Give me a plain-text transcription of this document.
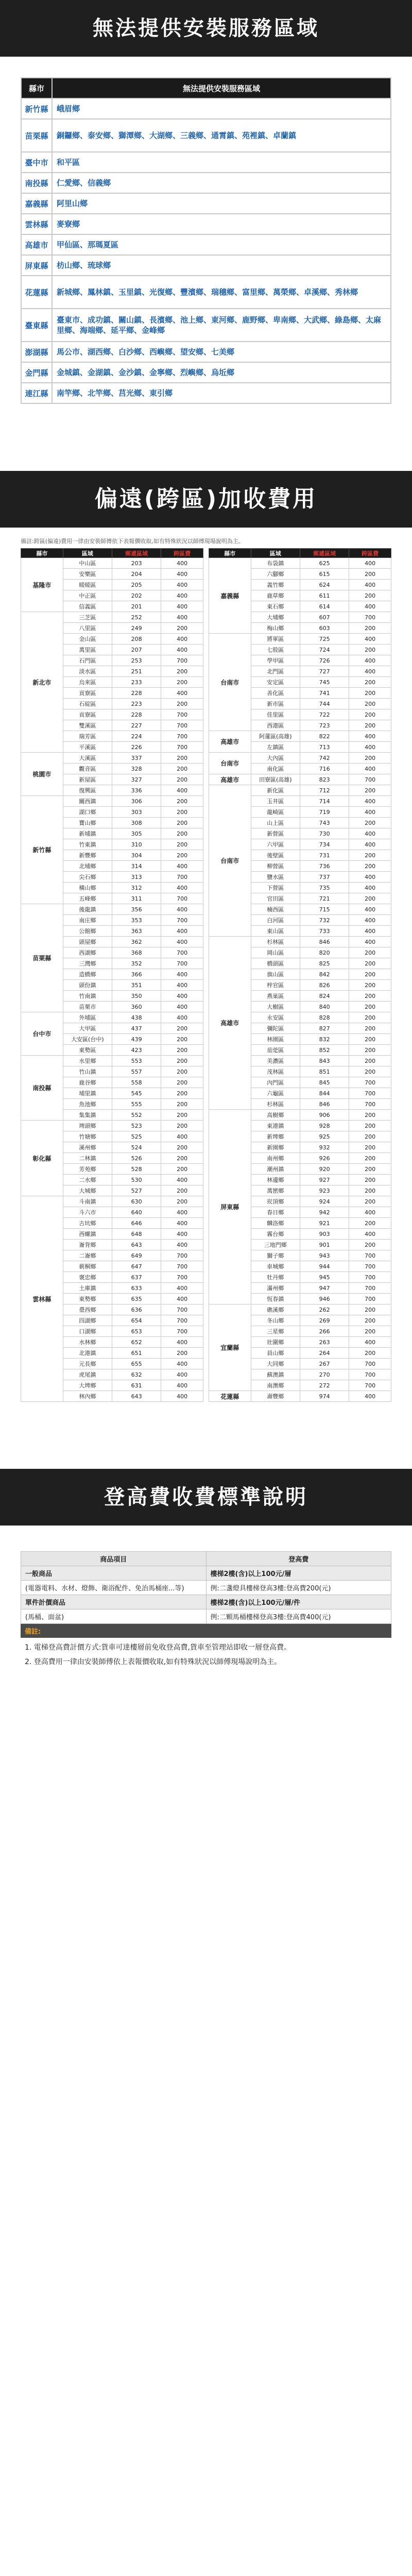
無法提供安裝服務區域
縣市	無法提供安裝服務區域
新竹縣	峨眉鄉
苗栗縣	銅鑼鄉、泰安鄉、獅潭鄉、大湖鄉、三義鄉、通霄鎮、苑裡鎮、卓蘭鎮
臺中市	和平區
南投縣	仁愛鄉、信義鄉
嘉義縣	阿里山鄉
雲林縣	麥寮鄉
高雄市	甲仙區、那瑪夏區
屏東縣	枋山鄉、琉球鄉
花蓮縣	新城鄉、鳳林鎮、玉里鎮、光復鄉、豐濱鄉、瑞穗鄉、富里鄉、萬榮鄉、卓溪鄉、秀林鄉
臺東縣	臺東市、成功鎮、關山鎮、長濱鄉、池上鄉、東河鄉、鹿野鄉、卑南鄉、大武鄉、綠島鄉、太麻里鄉、海端鄉、延平鄉、金峰鄉
澎湖縣	馬公市、湖西鄉、白沙鄉、西嶼鄉、望安鄉、七美鄉
金門縣	金城鎮、金湖鎮、金沙鎮、金寧鄉、烈嶼鄉、烏坵鄉
連江縣	南竿鄉、北竿鄉、莒光鄉、東引鄉
偏遠(跨區)加收費用
備註:跨區(偏遠)費用一律由安裝師傅依下表報價收取,如有特殊狀況以師傅現場說明為主。
縣市	區域	郵遞區域	跨區費		縣市	區域	郵遞區域	跨區費
基隆市	中山區	203	400		嘉義縣	布袋鎮	625	400
	安樂區	204	400			六腳鄉	615	200
	暖暖區	205	400			義竹鄉	624	400
	中正區	202	400			鹿草鄉	611	200
	信義區	201	400			東石鄉	614	400
新北市	三芝區	252	400			大埔鄉	607	700
	八里區	249	200			梅山鄉	603	200
	金山區	208	400		台南市	將軍區	725	400
	萬里區	207	400			七股區	724	200
	石門區	253	700			學甲區	726	400
	淡水區	251	200			北門區	727	400
	烏來區	233	200			安定區	745	200
	貢寮區	228	400			善化區	741	200
	石碇區	223	200			新市區	744	200
	貢寮區	228	700			佳里區	722	200
	雙溪區	227	700			西港區	723	200
	瑞芳區	224	700		高雄市	阿蓮區(高雄)	822	400
	平溪區	226	700			左鎮區	713	400
桃園市	大溪區	337	200		台南市	大內區	742	200
	觀音區	328	200			南化區	716	400
	新屋區	327	200		高雄市	田寮區(高雄)	823	700
	復興區	336	400		台南市	新化區	712	200
新竹縣	關西鎮	306	200			玉井區	714	400
	湖口鄉	303	200			龍崎區	719	400
	寶山鄉	308	200			山上區	743	200
	新埔鎮	305	200			新營區	730	400
	竹東鎮	310	200			六甲區	734	400
	新豐鄉	304	200			後壁區	731	200
	北埔鄉	314	400			柳營區	736	200
	尖石鄉	313	700			鹽水區	737	400
	橫山鄉	312	400			下營區	735	400
	五峰鄉	311	700			官田區	721	200
苗栗縣	後龍鎮	356	400			楠西區	715	400
	南庄鄉	353	700			白河區	732	400
	公館鄉	363	400			東山區	733	400
	頭屋鄉	362	400		高雄市	杉林區	846	400
	西湖鄉	368	700			岡山區	820	200
	三灣鄉	352	700			橋頭區	825	200
	造橋鄉	366	400			旗山區	842	200
	頭份鎮	351	400			梓官區	826	200
	竹南鎮	350	400			燕巢區	824	200
	苗栗市	360	400			大樹區	840	200
台中市	外埔區	438	400			永安區	828	200
	大甲區	437	200			彌陀區	827	200
	大安區(台中)	439	200			林園區	832	200
	東勢區	423	200			茄萣區	852	200
南投縣	水里鄉	553	200			美濃區	843	200
	竹山鎮	557	200			茂林區	851	200
	鹿谷鄉	558	200			內門區	845	700
	埔里鎮	545	200			六龜區	844	700
	魚池鄉	555	200			杉林區	846	700
	集集鎮	552	200		屏東縣	高樹鄉	906	200
彰化縣	埤頭鄉	523	200			東港鎮	928	200
	竹塘鄉	525	400			新埤鄉	925	200
	溪州鄉	524	200			新園鄉	932	200
	二林鎮	526	200			南州鄉	926	200
	芳苑鄉	528	200			潮州鎮	920	200
	二水鄉	530	400			林邊鄉	927	200
	大城鄉	527	200			萬巒鄉	923	200
雲林縣	斗南鎮	630	200			崁頂鄉	924	200
	斗六市	640	400			春日鄉	942	400
	古坑鄉	646	400			麟洛鄉	921	200
	西螺鎮	648	400			霧台鄉	903	400
	崙背鄉	643	400			三地門鄉	901	200
	二崙鄉	649	700			獅子鄉	943	700
	莿桐鄉	647	700			車城鄉	944	700
	褒忠鄉	637	700			牡丹鄉	945	700
	土庫鎮	633	400			滿州鄉	947	700
	東勢鄉	635	400			恆春鎮	946	700
	臺西鄉	636	700		宜蘭縣	礁溪鄉	262	200
	四湖鄉	654	700			冬山鄉	269	200
	口湖鄉	653	700			三星鄉	266	200
	水林鄉	652	400			壯圍鄉	263	400
	北港鎮	651	200			員山鄉	264	200
	元長鄉	655	400			大同鄉	267	700
	虎尾鎮	632	400			蘇澳鎮	270	700
	大埤鄉	631	400			南澳鄉	272	700
	林內鄉	643	400		花蓮縣	壽豐鄉	974	400
登高費收費標準說明
商品項目	登高費
一般商品	樓梯2樓(含)以上100元/層
(電器電料、水材、燈飾、衛浴配件、免治馬桶座...等)	例:二盞燈具樓梯登高3樓:登高費200(元)
單件計價商品	樓梯2樓(含)以上100元/層/件
(馬桶、面盆)	例:二顆馬桶樓梯登高3樓:登高費400(元)
備註:

1. 電梯登高費計價方式:貨車可達樓層前免收登高費,貨車至管理站即收一層登高費。

2. 登高費用一律由安裝師傅依上表報價收取,如有特殊狀況以師傅現場說明為主。
